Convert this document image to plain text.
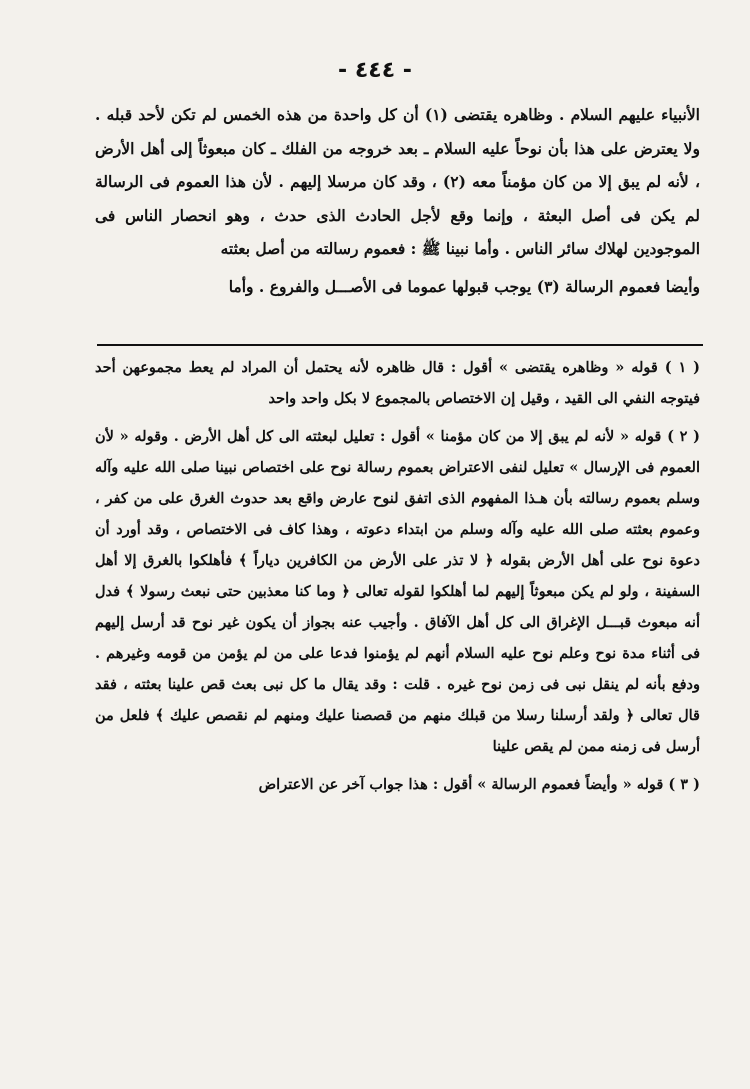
- ٤٤٤ -

الأنبياء عليهم السلام . وظاهره يقتضى (١) أن كل واحدة من هذه الخمس لم تكن لأحد قبله . ولا يعترض على هذا بأن نوحاً عليه السلام ـ بعد خروجه من الفلك ـ كان مبعوثاً إلى أهل الأرض ، لأنه لم يبق إلا من كان مؤمناً معه (٢) ، وقد كان مرسلا إليهم . لأن هذا العموم فى الرسالة لم يكن فى أصل البعثة ، وإنما وقع لأجل الحادث الذى حدث ، وهو انحصار الناس فى الموجودين لهلاك سائر الناس . وأما نبينا ﷺ : فعموم رسالته من أصل بعثته

وأيضا فعموم الرسالة (٣) يوجب قبولها عموما فى الأصـــل والفروع . وأما

( ١ ) قوله « وظاهره يقتضى » أقول : قال ظاهره لأنه يحتمل أن المراد لم يعط مجموعهن أحد فيتوجه النفي الى القيد ، وقيل إن الاختصاص بالمجموع لا بكل واحد واحد

( ٢ ) قوله « لأنه لم يبق إلا من كان مؤمنا » أقول : تعليل لبعثته الى كل أهل الأرض . وقوله « لأن العموم فى الإرسال » تعليل لنفى الاعتراض بعموم رسالة نوح على اختصاص نبينا صلى الله عليه وآله وسلم بعموم رسالته بأن هـذا المفهوم الذى اتفق لنوح عارض واقع بعد حدوث الغرق على من كفر ، وعموم بعثته صلى الله عليه وآله وسلم من ابتداء دعوته ، وهذا كاف فى الاختصاص ، وقد أورد أن دعوة نوح على أهل الأرض بقوله ﴿ لا تذر على الأرض من الكافرين دياراً ﴾ فأهلكوا بالغرق إلا أهل السفينة ، ولو لم يكن مبعوثاً إليهم لما أهلكوا لقوله تعالى ﴿ وما كنا معذبين حتى نبعث رسولا ﴾ فدل أنه مبعوث قبـــل الإغراق الى كل أهل الآفاق . وأجيب عنه بجواز أن يكون غير نوح قد أرسل إليهم فى أثناء مدة نوح وعلم نوح عليه السلام أنهم لم يؤمنوا فدعا على من لم يؤمن من قومه وغيرهم . ودفع بأنه لم ينقل نبى فى زمن نوح غيره . قلت : وقد يقال ما كل نبى بعث قص علينا بعثته ، فقد قال تعالى ﴿ ولقد أرسلنا رسلا من قبلك منهم من قصصنا عليك ومنهم لم نقصص عليك ﴾ فلعل من أرسل فى زمنه ممن لم يقص علينا

( ٣ ) قوله « وأيضاً فعموم الرسالة » أقول : هذا جواب آخر عن الاعتراض
